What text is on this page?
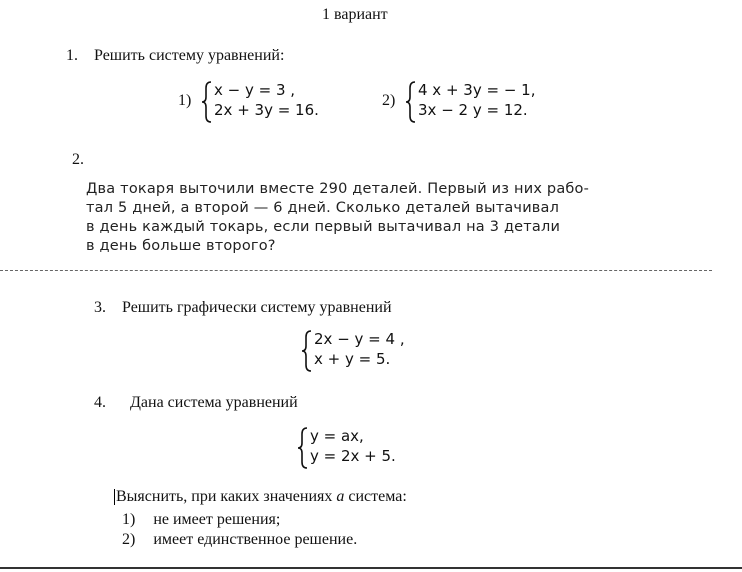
1 вариант
1. Решить систему уравнений:
1)
x − y = 3 ,
2x + 3y = 16.
2)
4 x + 3y = − 1,
3x − 2 y = 12.
2.

Два токаря выточили вместе 290 деталей. Первый из них рабо-

тал 5 дней, а второй — 6 дней. Сколько деталей вытачивал

в день каждый токарь, если первый вытачивал на 3 детали

в день больше второго?

3. Решить графически систему уравнений
2x − y = 4 ,
x + y = 5.
4. Дана система уравнений
y = ax,
y = 2x + 5.
Выяснить, при каких значениях a система:
1) не имеет решения;
2) имеет единственное решение.
